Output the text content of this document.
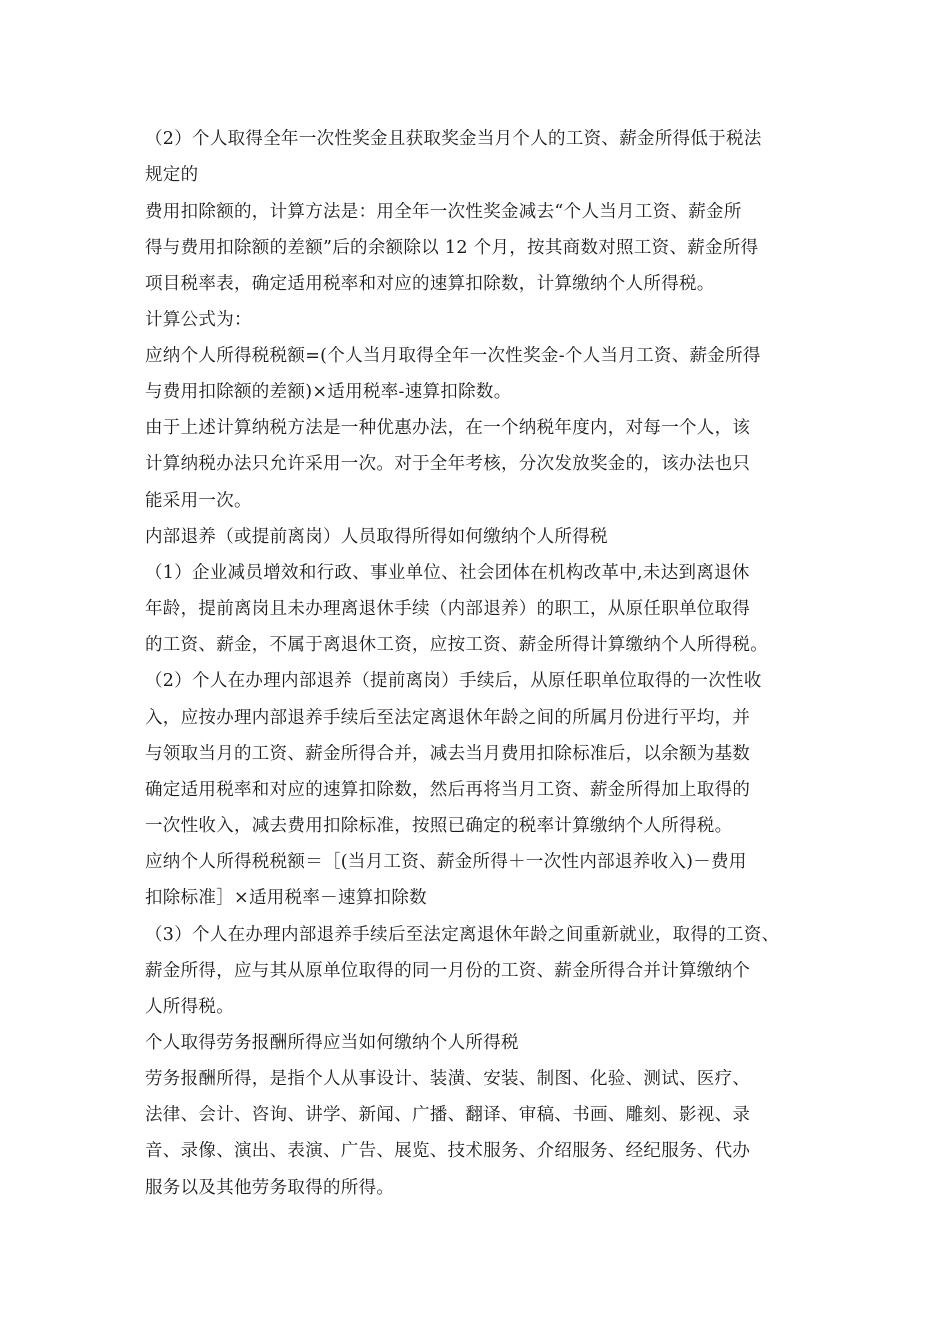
（2）个人取得全年一次性奖金且获取奖金当月个人的工资、薪金所得低于税法

规定的

费用扣除额的，计算方法是：用全年一次性奖金减去“个人当月工资、薪金所

得与费用扣除额的差额”后的余额除以 12 个月，按其商数对照工资、薪金所得

项目税率表，确定适用税率和对应的速算扣除数，计算缴纳个人所得税。

计算公式为：

应纳个人所得税税额=(个人当月取得全年一次性奖金-个人当月工资、薪金所得

与费用扣除额的差额)×适用税率-速算扣除数。

由于上述计算纳税方法是一种优惠办法，在一个纳税年度内，对每一个人，该

计算纳税办法只允许采用一次。对于全年考核，分次发放奖金的，该办法也只

能采用一次。

内部退养（或提前离岗）人员取得所得如何缴纳个人所得税

（1）企业减员增效和行政、事业单位、社会团体在机构改革中,未达到离退休

年龄，提前离岗且未办理离退休手续（内部退养）的职工，从原任职单位取得

的工资、薪金，不属于离退休工资，应按工资、薪金所得计算缴纳个人所得税。

（2）个人在办理内部退养（提前离岗）手续后，从原任职单位取得的一次性收

入，应按办理内部退养手续后至法定离退休年龄之间的所属月份进行平均，并

与领取当月的工资、薪金所得合并，减去当月费用扣除标准后，以余额为基数

确定适用税率和对应的速算扣除数，然后再将当月工资、薪金所得加上取得的

一次性收入，减去费用扣除标准，按照已确定的税率计算缴纳个人所得税。

应纳个人所得税税额＝［(当月工资、薪金所得＋一次性内部退养收入)－费用

扣除标准］×适用税率－速算扣除数

（3）个人在办理内部退养手续后至法定离退休年龄之间重新就业，取得的工资、

薪金所得，应与其从原单位取得的同一月份的工资、薪金所得合并计算缴纳个

人所得税。

个人取得劳务报酬所得应当如何缴纳个人所得税

劳务报酬所得，是指个人从事设计、装潢、安装、制图、化验、测试、医疗、

法律、会计、咨询、讲学、新闻、广播、翻译、审稿、书画、雕刻、影视、录

音、录像、演出、表演、广告、展览、技术服务、介绍服务、经纪服务、代办

服务以及其他劳务取得的所得。
